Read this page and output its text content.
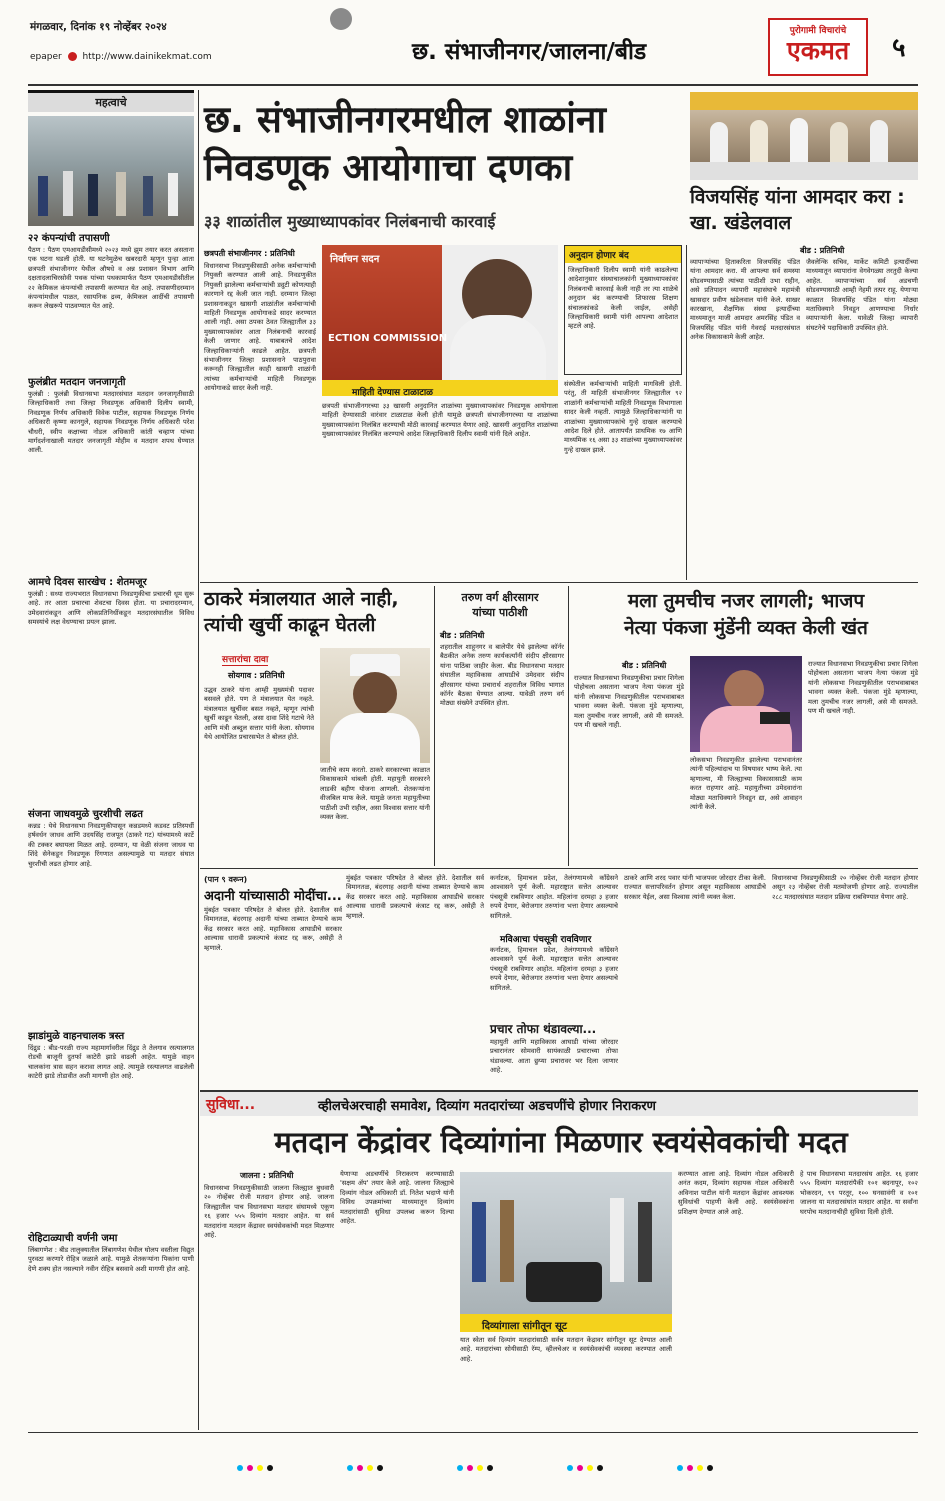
मंगळवार, दिनांक १९ नोव्हेंबर २०२४
epaper http://www.dainikekmat.com	छ. संभाजीनगर/जालना/बीड
पुरोगामी विचारांचे
एकमत	५
महत्वाचे
२२ कंपन्यांची तपासणी
पैठण : पैठण एमआयडीसीमध्ये २०२३ मध्ये झुम तयार करत असताना एक घटना घडली होती. या घटनेमुळेच खबरदारी म्हणून पुन्हा आता छत्रपती संभाजीनगर येथील औषधे व अन्न प्रशासन विभाग आणि दक्षतादलाचिरसोवी पथक यांच्या पथकामार्फत पैठण एमआयडीसीतील २२ केमिकल कंपन्यांची तपासणी करण्यात येत आहे. तपासणीदरम्यान कंपन्यांमधील पाळत, रसायनिक द्रव्य, केमिकल आदींची तपासणी करून लेखरूपे पाठवण्यात येत आहे.
फुलंब्रीत मतदान जनजागृती
फुलंब्री : फुलंब्री विधानसभा मतदारसंघात मतदान जनजागृतीसाठी जिल्हाधिकारी तथा जिल्हा निवडणूक अधिकारी दिलीप स्वामी, निवडणूक निर्णय अधिकारी विवेक पाटील, सहायक निवडणूक निर्णय अधिकारी कृष्णा कानगुले, सहायक निवडणूक निर्णय अधिकारी परेश चौधरी, स्वीप कक्षाच्या नोडल अधिकारी कांती चव्हाण यांच्या मार्गदर्शनाखाली मतदार जनजागृती मोहीम व मतदान शपथ घेण्यात आली.
आमचे दिवस सारखेच : शेतमजूर
फुलंब्री : सध्या राज्यभरात विधानसभा निवडणुकीचा प्रचारची धूम सुरू आहे. तर आता प्रचारचा शेवटचा दिवस होता. या प्रचारादरम्यान, उमेदवारांकडून आणि लोकप्रतिनिधींकडून मतदारसंघातील विविध समस्यांचे लक्ष वेधण्याचा प्रयत्न झाला.
संजना जाधवमुळे चुरशीची लढत
कन्नड : येथे विधानसभा निवडणुकीपासून कन्नडमध्ये कडवट प्रतिस्पर्धी हर्षवर्धन जाधव आणि उदयसिंह राजपूत (ठाकरे गट) यांच्यामध्ये काटें की टक्कर बघायला मिळत आहे. दरम्यान, या वेळी संजना जाधव या शिंदे सेनेकडून निवडणूक रिंगणात असल्यामुळे या मतदार संघात चुरशीची लढत होणार आहे.
झाडांमुळे वाहनचालक त्रस्त
दिंद्रुड : बीड-परळी राज्य महामार्गावरील दिंद्रुड ते तेलगाव रस्त्यालगत रोडची बाजूनी दुतर्फा काटेरी झाडे वाढली आहेत. यामुळे वाहन चालकांना त्रास सहन करावा लागत आहे. त्यामुळे रस्त्यालगत वाढलेली काटेरी झाडे तोडावीत अशी मागणी होत आहे.
रोहिटाळ्याची वर्णनी जमा
लिंबागणेश : बीड तालुक्यातील लिंबागणेश येथील घोलप वस्तीला विद्युत पुरवठा करणारे रोहित्र जळाले आहे. यामुळे शेतकऱ्यांना पिकांना पाणी देणे शक्य होत नसल्याने नवीन रोहित्र बसवावे अशी मागणी होत आहे.
छ. संभाजीनगरमधील शाळांना
निवडणूक आयोगाचा दणका
३३ शाळांतील मुख्याध्यापकांवर निलंबनाची कारवाई
विजयसिंह यांना आमदार करा : खा. खंडेलवाल
छत्रपती संभाजीनगर : प्रतिनिधी
विधानसभा निवडणुकीसाठी अनेक कर्मचाऱ्यांची नियुक्ती करण्यात आली आहे. निवडणुकीत नियुक्ती झालेल्या कर्मचाऱ्यांची ड्युटी कोणत्याही कारणाने रद्द केली जात नाही. दरम्यान जिल्हा प्रशासनाकडून खासगी शाळांतील कर्मचाऱ्यांची माहिती निवडणूक आयोगाकडे सादर करण्यात आली नाही. असा ठपका ठेवत जिल्ह्यातील ३३ मुख्याध्यापकांवर आता निलंबनाची कारवाई केली जाणार आहे. याबाबतचे आदेश जिल्हाधिकाऱ्यांनी काढले आहेत. छत्रपती संभाजीनगर जिल्हा प्रशासनाने पाठपुरावा करूनही जिल्ह्यातील काही खासगी शाळांनी त्यांच्या कर्मचाऱ्यांची माहिती निवडणूक आयोगाकडे सादर केली नाही.
निर्वाचन सदन
ECTION COMMISSION
माहिती देण्यास टाळाटाळ
छत्रपती संभाजीनगरच्या ३३ खासगी अनुदानित शाळांच्या मुख्याध्यापकांवर निवडणूक आयोगाला माहिती देण्यासाठी वारंवार टाळाटाळ केली होती यामुळे छत्रपती संभाजीनगरच्या या शाळांच्या मुख्याध्यापकांना निलंबित करण्याची मोठी कारवाई करण्यात येणार आहे. खासगी अनुदानित शाळांच्या मुख्याध्यापकांवर निलंबित करण्याचे आदेश जिल्हाधिकारी दिलीप स्वामी यांनी दिले आहेत.
अनुदान होणार बंद
जिल्हाधिकारी दिलीप स्वामी यांनी काढलेल्या आदेशानुसार संस्थाचालकांनी मुख्याध्यापकांवर निलंबनाची कारवाई केली नाही तर त्या शाळेचे अनुदान बंद करण्याची शिफारस शिक्षण संचालकांकडे केली जाईल, असेही जिल्हाधिकारी स्वामी यांनी आपल्या आदेशात म्हटले आहे.
संस्थेतील कर्मचाऱ्यांची माहिती मागविली होती. परंतु, ती माहिती संभाजीनगर जिल्ह्यातील ९२ शाळांनी कर्मचाऱ्यांची माहिती निवडणूक विभागाला सादर केली नव्हती. त्यामुळे जिल्हाधिकाऱ्यांनी या शाळांच्या मुख्याध्यापकांचे गुन्हे दाखल करण्याचे आदेश दिले होते. आतापर्यंत प्राथमिक १७ आणि माध्यमिक १६ असा ३३ शाळांच्या मुख्याध्यापकांवर गुन्हे दाखल झाले.
बीड : प्रतिनिधी
व्यापाऱ्यांच्या हिताकरिता विजयसिंह पंडित यांना आमदार करा. मी आपल्या सर्व समस्या सोडवण्यासाठी त्यांच्या पाठीशी उभा राहीन, असे प्रतिपादन व्यापारी महासंघाचे महामंत्री खासदार प्रवीण खंडेलवाल यांनी केले. साखर कारखाना, शैक्षणिक संस्था इत्यादींच्या माध्यमातून माजी आमदार अमरसिंह पंडित व विजयसिंह पंडित यांनी गेवराई मतदारसंघात अनेक विकासकामे केली आहेत.
जैवलेन्कि सचिव, मार्केट कमिटी इत्यादींच्या माध्यमातून व्यापारांना वेगवेगळ्या तरतुदी केल्या आहेत. व्यापाऱ्यांच्या सर्व अडचणी सोडवण्यासाठी आम्ही नेहमी तत्पर राहू. येणाऱ्या काळात विजयसिंह पंडित यांना मोठ्या मताधिक्याने निवडून आणण्याचा निर्धार व्यापाऱ्यांनी केला. यावेळी जिल्हा व्यापारी संघटनेचे पदाधिकारी उपस्थित होते.
ठाकरे मंत्रालयात आले नाही,
त्यांची खुर्ची काढून घेतली
सत्तारांचा दावा
सोयगाव : प्रतिनिधी
उद्धव ठाकरे यांना आम्ही मुख्यमंत्री पदावर बसवले होते. पण ते मंत्रालयात येत नव्हते. मंत्रालयात खुर्चीवर बसत नव्हते, म्हणून त्यांची खुर्ची काढून घेतली, असा दावा शिंदे गटाचे नेते आणि मंत्री अब्दुल सत्तार यांनी केला. सोयगाव येथे आयोजित प्रचारसभेत ते बोलत होते.
जातीचे काम करतो. ठाकरे सरकारच्या काळात विकासकामे थांबली होती. महायुती सरकारने लाडकी बहीण योजना आणली. शेतकऱ्यांना वीजबिल माफ केले. यामुळे जनता महायुतीच्या पाठीशी उभी राहील, असा विश्वास सत्तार यांनी व्यक्त केला.
तरुण वर्ग क्षीरसागर
यांच्या पाठीशी
बीड : प्रतिनिधी
शहरातील शाहूनगर व बालेपीर येथे झालेल्या कॉर्नर बैठकीत अनेक तरुण कार्यकर्त्यांनी संदीप क्षीरसागर यांना पाठिंबा जाहीर केला. बीड विधानसभा मतदार संघातील महाविकास आघाडीचे उमेदवार संदीप क्षीरसागर यांच्या प्रचारार्थ शहरातील विविध भागात कॉर्नर बैठका घेण्यात आल्या. यावेळी तरुण वर्ग मोठ्या संख्येने उपस्थित होता.
मला तुमचीच नजर लागली; भाजप
नेत्या पंकजा मुंडेंनी व्यक्त केली खंत
बीड : प्रतिनिधी
राज्यात विधानसभा निवडणुकीचा प्रचार शिगेला पोहोचला असताना भाजप नेत्या पंकजा मुंडे यांनी लोकसभा निवडणुकीतील पराभवाबाबत भावना व्यक्त केली. पंकजा मुंडे म्हणाल्या, मला तुमचीच नजर लागली, असे मी समजते. पण मी खचले नाही.
लोकसभा निवडणुकीत झालेल्या पराभवानंतर त्यांनी पहिल्यांदाच या विषयावर भाष्य केले. त्या म्हणाल्या, मी जिल्ह्याच्या विकासासाठी काम करत राहणार आहे. महायुतीच्या उमेदवारांना मोठ्या मताधिक्याने निवडून द्या, असे आवाहन त्यांनी केले.
राज्यात विधानसभा निवडणुकीचा प्रचार शिगेला पोहोचला असताना भाजप नेत्या पंकजा मुंडे यांनी लोकसभा निवडणुकीतील पराभवाबाबत भावना व्यक्त केली. पंकजा मुंडे म्हणाल्या, मला तुमचीच नजर लागली, असे मी समजते. पण मी खचले नाही.
(पान ९ वरून)
अदानी यांच्यासाठी मोदींचा...
मुंबईत पत्रकार परिषदेत ते बोलत होते. देशातील सर्व विमानतळ, बंदरगाह अदानी यांच्या ताब्यात देण्याचे काम केंद्र सरकार करत आहे. महाविकास आघाडीचे सरकार आल्यास धारावी प्रकल्पाचे कंत्राट रद्द करू, असेही ते म्हणाले.
मुंबईत पत्रकार परिषदेत ते बोलत होते. देशातील सर्व विमानतळ, बंदरगाह अदानी यांच्या ताब्यात देण्याचे काम केंद्र सरकार करत आहे. महाविकास आघाडीचे सरकार आल्यास धारावी प्रकल्पाचे कंत्राट रद्द करू, असेही ते म्हणाले.
कर्नाटक, हिमाचल प्रदेश, तेलंगणामध्ये काँग्रेसने आश्वासने पूर्ण केली. महाराष्ट्रात सत्तेत आल्यावर पंचसूत्री राबविणार आहोत. महिलांना दरमहा ३ हजार रुपये देणार, बेरोजगार तरुणांना भत्ता देणार असल्याचे सांगितले.
मविआचा पंचसूत्री रावविणार
कर्नाटक, हिमाचल प्रदेश, तेलंगणामध्ये काँग्रेसने आश्वासने पूर्ण केली. महाराष्ट्रात सत्तेत आल्यावर पंचसूत्री राबविणार आहोत. महिलांना दरमहा ३ हजार रुपये देणार, बेरोजगार तरुणांना भत्ता देणार असल्याचे सांगितले.
प्रचार तोफा थंडावल्या...
महायुती आणि महाविकास आघाडी यांच्या जोरदार प्रचारानंतर सोमवारी सायंकाळी प्रचाराच्या तोफा थंडावल्या. आता छुप्या प्रचारावर भर दिला जाणार आहे.
ठाकरे आणि शरद पवार यांनी भाजपवर जोरदार टीका केली. राज्यात सत्तापरिवर्तन होणार असून महाविकास आघाडीचे सरकार येईल, असा विश्वास त्यांनी व्यक्त केला.
विधानसभा निवडणुकीसाठी २० नोव्हेंबर रोजी मतदान होणार असून २३ नोव्हेंबर रोजी मतमोजणी होणार आहे. राज्यातील २८८ मतदारसंघात मतदान प्रक्रिया राबविण्यात येणार आहे.
सुविधा...	व्हीलचेअरचाही समावेश, दिव्यांग मतदारांच्या अडचणींचे होणार निराकरण
मतदान केंद्रांवर दिव्यांगांना मिळणार स्वयंसेवकांची मदत
जालना : प्रतिनिधी
विधानसभा निवडणुकीसाठी जालना जिल्ह्यात बुधवारी २० नोव्हेंबर रोजी मतदान होणार आहे. जालना जिल्ह्यातील पाच विधानसभा मतदार संघामध्ये एकूण १६ हजार ५५५ दिव्यांग मतदार आहेत. या सर्व मतदारांना मतदान केंद्रावर स्वयंसेवकांची मदत मिळणार आहे.
येणाऱ्या अडचणींचे निराकरण करण्यासाठी 'सक्षम ॲप' तयार केले आहे. जालना जिल्ह्याचे दिव्यांग नोडल अधिकारी डॉ. नितेश भदाणे यांनी विविध उपक्रमांच्या माध्यमातून दिव्यांग मतदारांसाठी सुविधा उपलब्ध करून दिल्या आहेत.
दिव्यांगाला सांगीतून सूट
यात स्वेता सर्व दिव्यांग मतदारांसाठी सर्वच मतदान केंद्रावर सांगीतून सूट देण्यात आली आहे. मतदारांच्या सोयीसाठी रॅम्प, व्हीलचेअर व स्वयंसेवकांची व्यवस्था करण्यात आली आहे.
करण्यात आला आहे. दिव्यांग नोडल अधिकारी अनंत कदम, दिव्यांग सहायक नोडल अधिकारी अविनाश पाटील यांनी मतदान केंद्रांवर आवश्यक सुविधांची पाहणी केली आहे. स्वयंसेवकांना प्रशिक्षण देण्यात आले आहे.
हे पाच विधानसभा मतदारसंघ आहेत. १६ हजार ५५५ दिव्यांग मतदारांपैकी १०१ बदनापूर, १०२ भोकरदन, ९९ परतूर, १०० घनसावंगी व १०१ जालना या मतदारसंघांत मतदार आहेत. या सर्वांना घरपोच मतदानाचीही सुविधा दिली होती.
